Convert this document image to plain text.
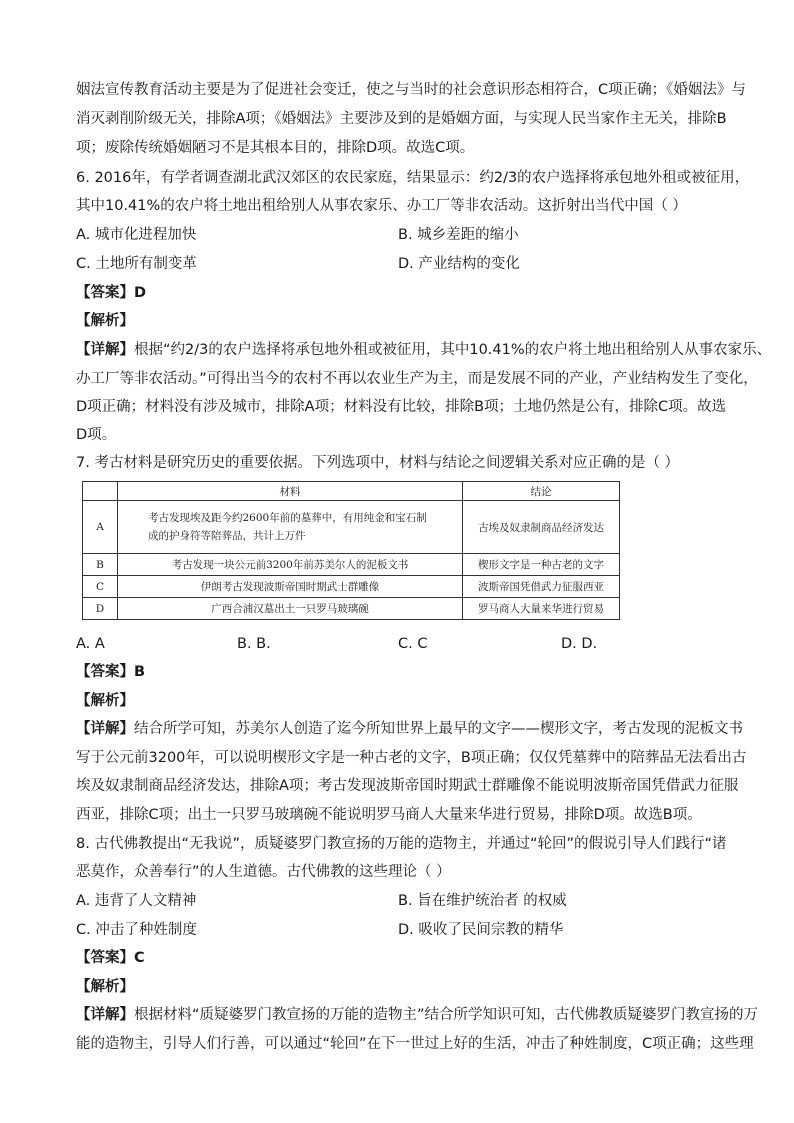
姻法宣传教育活动主要是为了促进社会变迁，使之与当时的社会意识形态相符合，C项正确；《婚姻法》与
消灭剥削阶级无关，排除A项；《婚姻法》主要涉及到的是婚姻方面，与实现人民当家作主无关，排除B
项；废除传统婚姻陋习不是其根本目的，排除D项。故选C项。
6. 2016年，有学者调查湖北武汉郊区的农民家庭，结果显示：约2/3的农户选择将承包地外租或被征用，
其中10.41%的农户将土地出租给别人从事农家乐、办工厂等非农活动。这折射出当代中国（ ）
A. 城市化进程加快	B. 城乡差距的缩小
C. 土地所有制变革	D. 产业结构的变化
【答案】D
【解析】
【详解】根据“约2/3的农户选择将承包地外租或被征用，其中10.41%的农户将土地出租给别人从事农家乐、
办工厂等非农活动。”可得出当今的农村不再以农业生产为主，而是发展不同的产业，产业结构发生了变化，
D项正确；材料没有涉及城市，排除A项；材料没有比较，排除B项；土地仍然是公有，排除C项。故选
D项。
7. 考古材料是研究历史的重要依据。下列选项中，材料与结论之间逻辑关系对应正确的是（ ）
	材料	结论
A	考古发现埃及距今约2600年前的墓葬中，有用纯金和宝石制
成的护身符等陪葬品，共计上万件	古埃及奴隶制商品经济发达
B	考古发现一块公元前3200年前苏美尔人的泥板文书	楔形文字是一种古老的文字
C	伊朗考古发现波斯帝国时期武士群雕像	波斯帝国凭借武力征服西亚
D	广西合浦汉墓出土一只罗马玻璃碗	罗马商人大量来华进行贸易
A. A	B. B.	C. C	D. D.
【答案】B
【解析】
【详解】结合所学可知，苏美尔人创造了迄今所知世界上最早的文字——楔形文字，考古发现的泥板文书
写于公元前3200年，可以说明楔形文字是一种古老的文字，B项正确；仅仅凭墓葬中的陪葬品无法看出古
埃及奴隶制商品经济发达，排除A项；考古发现波斯帝国时期武士群雕像不能说明波斯帝国凭借武力征服
西亚，排除C项；出土一只罗马玻璃碗不能说明罗马商人大量来华进行贸易，排除D项。故选B项。
8. 古代佛教提出“无我说”，质疑婆罗门教宣扬的万能的造物主，并通过“轮回”的假说引导人们践行“诸
恶莫作，众善奉行”的人生道德。古代佛教的这些理论（ ）
A. 违背了人文精神	B. 旨在维护统治者 的权威
C. 冲击了种姓制度	D. 吸收了民间宗教的精华
【答案】C
【解析】
【详解】根据材料“质疑婆罗门教宣扬的万能的造物主”结合所学知识可知，古代佛教质疑婆罗门教宣扬的万
能的造物主，引导人们行善，可以通过“轮回”在下一世过上好的生活，冲击了种姓制度，C项正确；这些理
